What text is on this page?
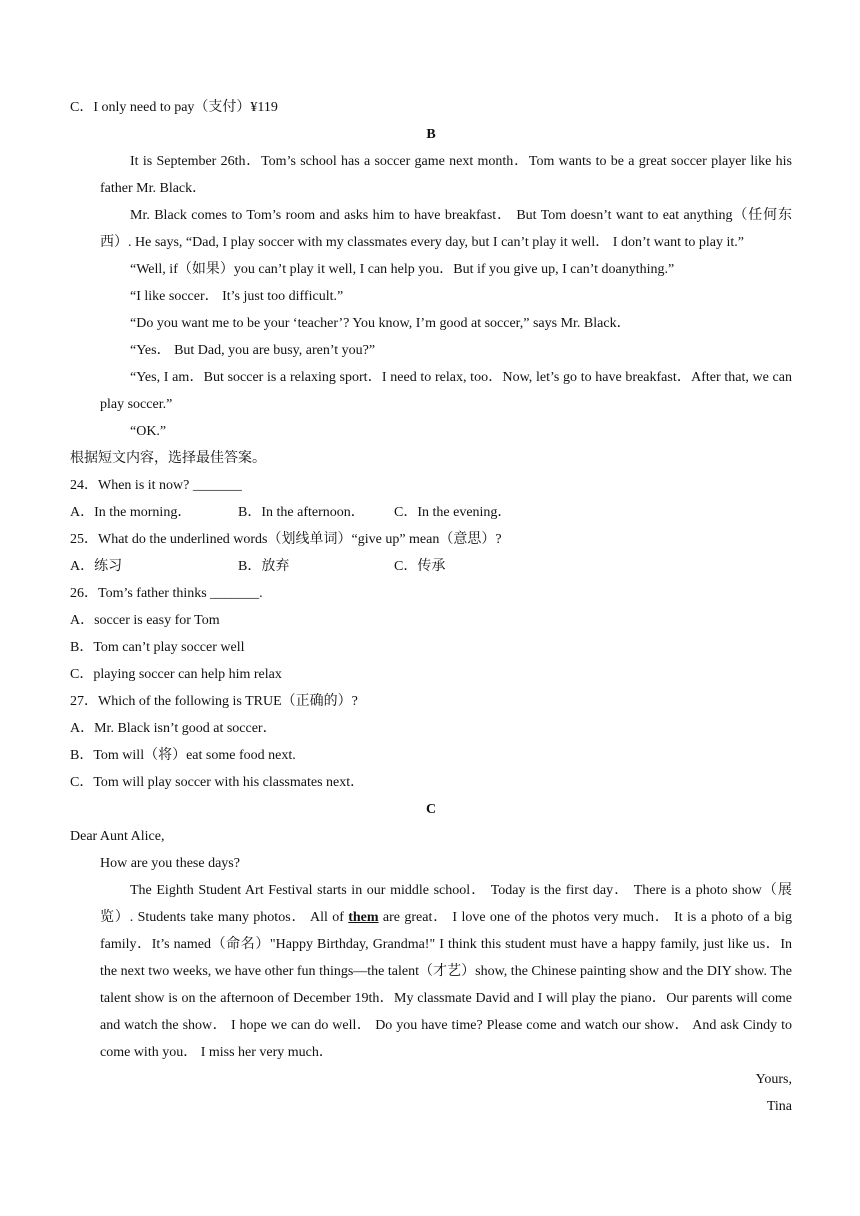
C．I only need to pay（支付）¥119
B

It is September 26th．Tom’s school has a soccer game next month．Tom wants to be a great soccer player like his father Mr. Black．

Mr. Black comes to Tom’s room and asks him to have breakfast． But Tom doesn’t want to eat anything（任何东西）. He says, “Dad, I play soccer with my classmates every day, but I can’t play it well． I don’t want to play it.”

“Well, if（如果）you can’t play it well, I can help you．But if you give up, I can’t doanything.”

“I like soccer． It’s just too difficult.”

“Do you want me to be your ‘teacher’? You know, I’m good at soccer,” says Mr. Black．

“Yes． But Dad, you are busy, aren’t you?”

“Yes, I am．But soccer is a relaxing sport．I need to relax, too．Now, let’s go to have breakfast．After that, we can play soccer.”

“OK.”

根据短文内容，选择最佳答案。
24．When is it now? _______
A．In the morning．	B．In the afternoon．	C．In the evening．
25．What do the underlined words（划线单词）“give up” mean（意思）?
A．练习	B．放弃	C．传承
26．Tom’s father thinks _______.
A．soccer is easy for Tom
B．Tom can’t play soccer well
C．playing soccer can help him relax
27．Which of the following is TRUE（正确的）?
A．Mr. Black isn’t good at soccer．
B．Tom will（将）eat some food next.
C．Tom will play soccer with his classmates next．
C
Dear Aunt Alice,
How are you these days?

The Eighth Student Art Festival starts in our middle school． Today is the first day． There is a photo show（展览）. Students take many photos． All of them are great． I love one of the photos very much． It is a photo of a big family．It’s named（命名）"Happy Birthday, Grandma!" I think this student must have a happy family, just like us．In the next two weeks, we have other fun things—the talent（才艺）show, the Chinese painting show and the DIY show. The talent show is on the afternoon of December 19th．My classmate David and I will play the piano．Our parents will come and watch the show． I hope we can do well． Do you have time? Please come and watch our show． And ask Cindy to come with you． I miss her very much．

Yours,
Tina
